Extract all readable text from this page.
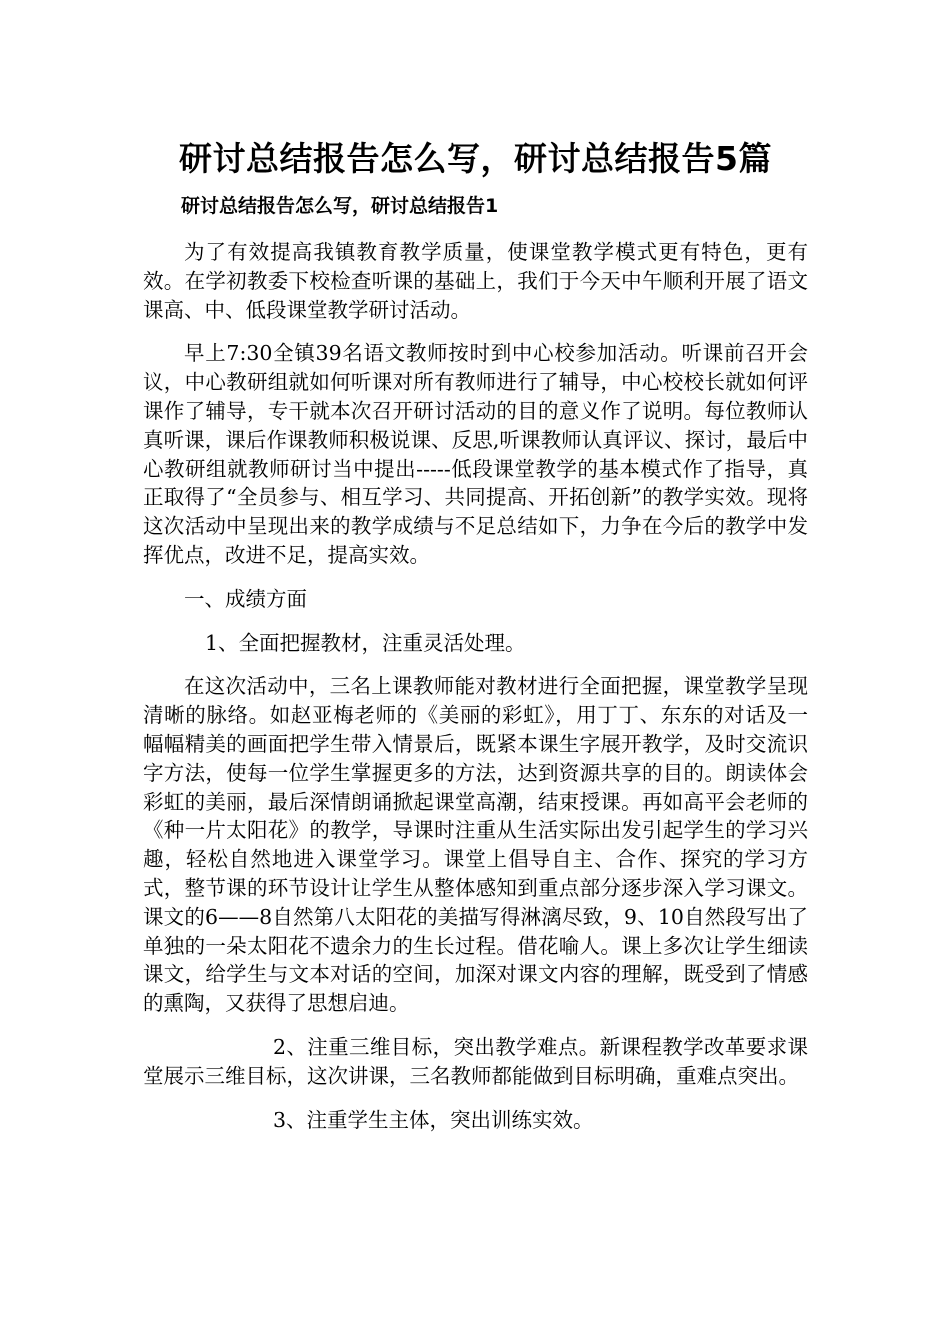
研讨总结报告怎么写，研讨总结报告5篇
研讨总结报告怎么写，研讨总结报告1

为了有效提高我镇教育教学质量，使课堂教学模式更有特色，更有效。在学初教委下校检查听课的基础上，我们于今天中午顺利开展了语文课高、中、低段课堂教学研讨活动。

早上7:30全镇39名语文教师按时到中心校参加活动。听课前召开会议，中心教研组就如何听课对所有教师进行了辅导，中心校校长就如何评课作了辅导，专干就本次召开研讨活动的目的意义作了说明。每位教师认真听课，课后作课教师积极说课、反思,听课教师认真评议、探讨，最后中心教研组就教师研讨当中提出-----低段课堂教学的基本模式作了指导，真正取得了“全员参与、相互学习、共同提高、开拓创新”的教学实效。现将这次活动中呈现出来的教学成绩与不足总结如下，力争在今后的教学中发挥优点，改进不足，提高实效。

一、成绩方面

1、全面把握教材，注重灵活处理。

在这次活动中，三名上课教师能对教材进行全面把握，课堂教学呈现清晰的脉络。如赵亚梅老师的《美丽的彩虹》，用丁丁、东东的对话及一幅幅精美的画面把学生带入情景后，既紧本课生字展开教学，及时交流识字方法，使每一位学生掌握更多的方法，达到资源共享的目的。朗读体会彩虹的美丽，最后深情朗诵掀起课堂高潮，结束授课。再如高平会老师的《种一片太阳花》的教学，导课时注重从生活实际出发引起学生的学习兴趣，轻松自然地进入课堂学习。课堂上倡导自主、合作、探究的学习方式，整节课的环节设计让学生从整体感知到重点部分逐步深入学习课文。课文的6——8自然第八太阳花的美描写得淋漓尽致，9、10自然段写出了单独的一朵太阳花不遗余力的生长过程。借花喻人。课上多次让学生细读课文，给学生与文本对话的空间，加深对课文内容的理解，既受到了情感的熏陶，又获得了思想启迪。

2、注重三维目标，突出教学难点。新课程教学改革要求课堂展示三维目标，这次讲课，三名教师都能做到目标明确，重难点突出。

3、注重学生主体，突出训练实效。
